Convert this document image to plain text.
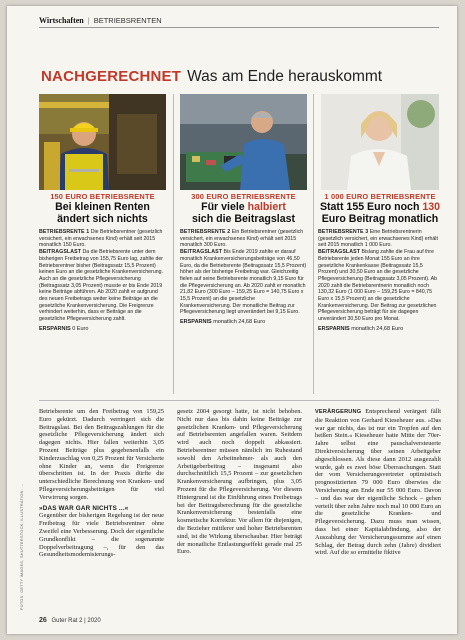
Wirtschaften | BETRIEBSRENTEN
NACHGERECHNET Was am Ende herauskommt
150 EURO BETRIEBSRENTE
Bei kleinen Renten
ändert sich nichts
BETRIEBSRENTE 1 Die Betriebsrentner (gesetzlich versichert, ein erwachsenes Kind) erhält seit 2015 monatlich 150 Euro.
BEITRAGSLAST Da die Betriebsrente unter dem bisherigen Freibetrag von 155,75 Euro lag, zahlte der Betriebsrentner bisher (Beitragssatz 15,5 Prozent) keinen Euro an die gesetzliche Krankenversicherung. Auch an die gesetzliche Pflegeversicherung (Beitragssatz 3,05 Prozent) musste er bis Ende 2019 keine Beiträge abführen. Ab 2020 zahlt er aufgrund des neuen Freibetrags weiter keine Beiträge an die gesetzliche Krankenversicherung. Die Freigrenze verhindert weiterhin, dass er Beiträge an die gesetzliche Pflegeversicherung zahlt.
ERSPARNIS 0 Euro
300 EURO BETRIEBSRENTE
Für viele halbiert
sich die Beitragslast
BETRIEBSRENTE 2 Ein Betriebsrentner (gesetzlich versichert, ein erwachsenes Kind) erhält seit 2015 monatlich 300 Euro.
BEITRAGSLAST Bis Ende 2019 zahlte er darauf monatlich Krankenversicherungsbeiträge von 46,50 Euro, da die Betriebsrente (Beitragssatz 15,5 Prozent) höher als der bisherige Freibetrag war. Gleichzeitig fielen auf seine Betriebsrente monatlich 9,15 Euro für die Pflegeversicherung an. Ab 2020 zahlt er monatlich 21,82 Euro (300 Euro – 159,25 Euro = 140,75 Euro x 15,5 Prozent) an die gesetzliche Krankenversicherung. Der monatliche Beitrag zur Pflegeversicherung liegt unverändert bei 9,15 Euro.
ERSPARNIS monatlich 24,68 Euro
1 000 EURO BETRIEBSRENTE
Statt 155 Euro noch 130
Euro Beitrag monatlich
BETRIEBSRENTE 3 Eine Betriebsrentnerin (gesetzlich versichert, ein erwachsenes Kind) erhält seit 2015 monatlich 1 000 Euro.
BEITRAGSLAST Bislang zahlte die Frau auf ihre Betriebsrente jeden Monat 155 Euro an ihre gesetzliche Krankenkasse (Beitragssatz 15,5 Prozent) und 30,50 Euro an die gesetzliche Pflegeversicherung (Beitragssatz 3,05 Prozent). Ab 2020 zahlt die Betriebsrentnerin monatlich noch 130,32 Euro (1 000 Euro – 159,25 Euro = 840,75 Euro x 15,5 Prozent) an die gesetzliche Krankenversicherung. Der Beitrag zur gesetzlichen Pflegeversicherung beträgt für sie dagegen unverändert 30,50 Euro pro Monat.
ERSPARNIS monatlich 24,68 Euro

Betriebsrente um den Freibetrag von 159,25 Euro gekürzt. Dadurch verringert sich die Beitragslast. Bei den Beitragszahlungen für die gesetzliche Pflegeversicherung ändert sich dagegen nichts. Hier fallen weiterhin 3,05 Prozent Beiträge plus gegebenenfalls ein Kinderzuschlag von 0,25 Prozent für Versicherte ohne Kinder an, wenn die Freigrenze überschritten ist. In der Praxis dürfte die unterschiedliche Berechnung von Kranken- und Pflegeversicherungsbeiträgen für viel Verwirrung sorgen.

»DAS WAR GAR NICHTS ...«

Gegenüber der bisherigen Regelung ist der neue Freibetrag für viele Betriebsrentner ohne Zweifel eine Verbesserung. Doch der eigentliche Grundkonflikt – die sogenannte Doppelverbeitragung –, für den das Gesundheitsmodernisierungs-

gesetz 2004 gesorgt hatte, ist nicht behoben. Nicht nur dass bis dahin keine Beiträge zur gesetzlichen Kranken- und Pflegeversicherung auf Betriebsrenten angefallen waren. Seitdem wird auch noch doppelt abkassiert. Betriebsrentner müssen nämlich im Ruhestand sowohl den Arbeitnehmer- als auch den Arbeitgeberbeitrag – insgesamt also durchschnittlich 15,5 Prozent – zur gesetzlichen Krankenversicherung aufbringen, plus 3,05 Prozent für die Pflegeversicherung. Vor diesem Hintergrund ist die Einführung eines Freibetrags bei der Beitragsberechnung für die gesetzliche Krankenversicherung bestenfalls eine kosmetische Korrektur. Vor allem für diejenigen, die Bezieher mittlerer und hoher Betriebsrenten sind, ist die Wirkung überschaubar. Hier beträgt der monatliche Entlastungseffekt gerade mal 25 Euro.

VERÄRGERUNG Entsprechend verärgert fällt die Reaktion von Gerhard Kieseheuer aus. »Das war gar nichts, das ist nur ein Tropfen auf den heißen Stein.« Kieseheuer hatte Mitte der 70er-Jahre selbst eine pauschalversteuerte Direktversicherung über seinen Arbeitgeber abgeschlossen. Als diese dann 2012 ausgezahlt wurde, gab es zwei böse Überraschungen. Statt der vom Versicherungsvertreter optimistisch prognostizierten 79 000 Euro überwies die Versicherung am Ende nur 55 000 Euro. Davon – und das war der eigentliche Schock – gehen verteilt über zehn Jahre noch mal 10 000 Euro an die gesetzliche Kranken- und Pflegeversicherung. Dazu muss man wissen, dass bei einer Kapitalabfindung, also der Auszahlung der Versicherungssumme auf einen Schlag, der Betrag durch zehn (Jahre) dividiert wird. Auf die so ermittelte fiktive

FOTOS: GETTY IMAGES, SHUTTERSTOCK; ILLUSTRATION: ...
26 Guter Rat 2 | 2020
